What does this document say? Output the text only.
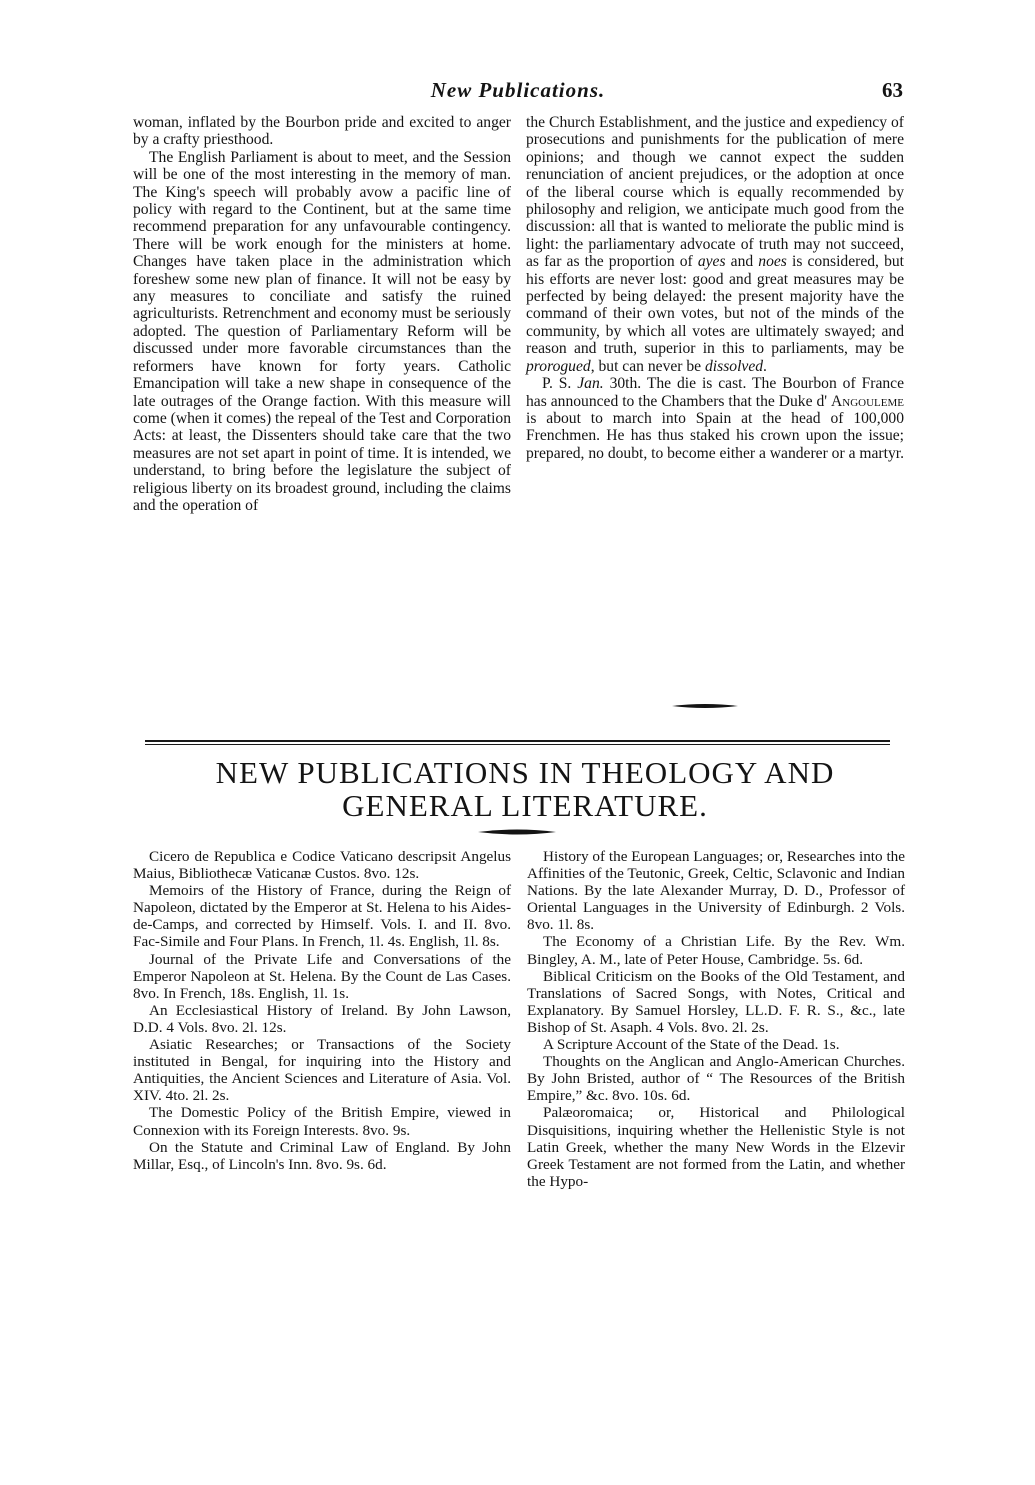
New Publications.	63

woman, inflated by the Bourbon pride and excited to anger by a crafty priesthood.

The English Parliament is about to meet, and the Session will be one of the most interesting in the memory of man. The King's speech will probably avow a pacific line of policy with regard to the Continent, but at the same time recommend preparation for any unfavourable contingency. There will be work enough for the ministers at home. Changes have taken place in the administration which foreshew some new plan of finance. It will not be easy by any measures to conciliate and satisfy the ruined agriculturists. Retrenchment and economy must be seriously adopted. The question of Parliamentary Reform will be discussed under more favorable circumstances than the reformers have known for forty years. Catholic Emancipation will take a new shape in consequence of the late outrages of the Orange faction. With this measure will come (when it comes) the repeal of the Test and Corporation Acts: at least, the Dissenters should take care that the two measures are not set apart in point of time. It is intended, we understand, to bring before the legislature the subject of religious liberty on its broadest ground, including the claims and the operation of

the Church Establishment, and the justice and expediency of prosecutions and punishments for the publication of mere opinions; and though we cannot expect the sudden renunciation of ancient prejudices, or the adoption at once of the liberal course which is equally recommended by philosophy and religion, we anticipate much good from the discussion: all that is wanted to meliorate the public mind is light: the parliamentary advocate of truth may not succeed, as far as the proportion of ayes and noes is considered, but his efforts are never lost: good and great measures may be perfected by being delayed: the present majority have the command of their own votes, but not of the minds of the community, by which all votes are ultimately swayed; and reason and truth, superior in this to parliaments, may be prorogued, but can never be dissolved.

P. S. Jan. 30th. The die is cast. The Bourbon of France has announced to the Chambers that the Duke d' Angouleme is about to march into Spain at the head of 100,000 Frenchmen. He has thus staked his crown upon the issue; prepared, no doubt, to become either a wanderer or a martyr.

NEW PUBLICATIONS IN THEOLOGY AND
GENERAL LITERATURE.

Cicero de Republica e Codice Vaticano descripsit Angelus Maius, Bibliothecæ Vaticanæ Custos. 8vo. 12s.

Memoirs of the History of France, during the Reign of Napoleon, dictated by the Emperor at St. Helena to his Aides-de-Camps, and corrected by Himself. Vols. I. and II. 8vo. Fac-Simile and Four Plans. In French, 1l. 4s. English, 1l. 8s.

Journal of the Private Life and Conversations of the Emperor Napoleon at St. Helena. By the Count de Las Cases. 8vo. In French, 18s. English, 1l. 1s.

An Ecclesiastical History of Ireland. By John Lawson, D.D. 4 Vols. 8vo. 2l. 12s.

Asiatic Researches; or Transactions of the Society instituted in Bengal, for inquiring into the History and Antiquities, the Ancient Sciences and Literature of Asia. Vol. XIV. 4to. 2l. 2s.

The Domestic Policy of the British Empire, viewed in Connexion with its Foreign Interests. 8vo. 9s.

On the Statute and Criminal Law of England. By John Millar, Esq., of Lincoln's Inn. 8vo. 9s. 6d.

History of the European Languages; or, Researches into the Affinities of the Teutonic, Greek, Celtic, Sclavonic and Indian Nations. By the late Alexander Murray, D. D., Professor of Oriental Languages in the University of Edinburgh. 2 Vols. 8vo. 1l. 8s.

The Economy of a Christian Life. By the Rev. Wm. Bingley, A. M., late of Peter House, Cambridge. 5s. 6d.

Biblical Criticism on the Books of the Old Testament, and Translations of Sacred Songs, with Notes, Critical and Explanatory. By Samuel Horsley, LL.D. F. R. S., &c., late Bishop of St. Asaph. 4 Vols. 8vo. 2l. 2s.

A Scripture Account of the State of the Dead. 1s.

Thoughts on the Anglican and Anglo-American Churches. By John Bristed, author of “ The Resources of the British Empire,” &c. 8vo. 10s. 6d.

Palæoromaica; or, Historical and Philological Disquisitions, inquiring whether the Hellenistic Style is not Latin Greek, whether the many New Words in the Elzevir Greek Testament are not formed from the Latin, and whether the Hypo-
